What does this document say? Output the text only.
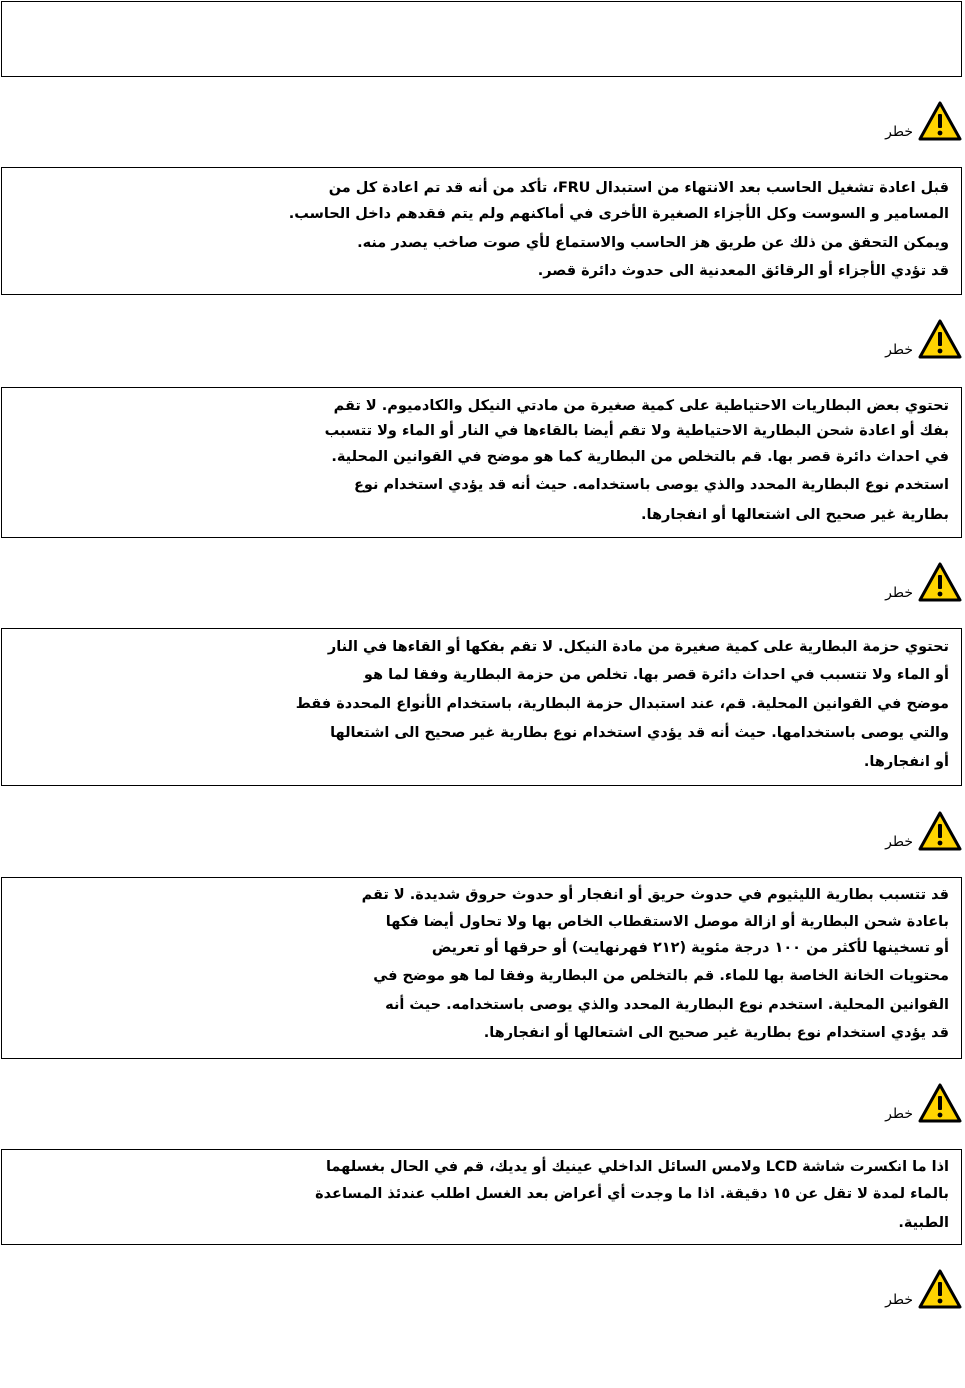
خطر
قبل اعادة تشغيل الحاسب بعد الانتهاء من استبدال FRU، تأكد من أنه قد تم اعادة كل من
المسامير و السوست وكل الأجزاء الصغيرة الأخرى في أماكنهم ولم يتم فقدهم داخل الحاسب.
ويمكن التحقق من ذلك عن طريق هز الحاسب والاستماع لأي صوت صاخب يصدر منه.
قد تؤدي الأجزاء أو الرقائق المعدنية الى حدوث دائرة قصر.
خطر
تحتوي بعض البطاريات الاحتياطية على كمية صغيرة من مادتي النيكل والكادميوم. لا تقم
بفك أو اعادة شحن البطارية الاحتياطية ولا تقم أيضا بالقاءها في النار أو الماء ولا تتسبب
في احداث دائرة قصر بها. قم بالتخلص من البطارية كما هو موضح في القوانين المحلية.
استخدم نوع البطارية المحدد والذي يوصى باستخدامه. حيث أنه قد يؤدي استخدام نوع
بطارية غير صحيح الى اشتعالها أو انفجارها.
خطر
تحتوي حزمة البطارية على كمية صغيرة من مادة النيكل. لا تقم بفكها أو القاءها في النار
أو الماء ولا تتسبب في احداث دائرة قصر بها. تخلص من حزمة البطارية وفقا لما هو
موضح في القوانين المحلية. قم، عند استبدال حزمة البطارية، باستخدام الأنواع المحددة فقط
والتي يوصى باستخدامها. حيث أنه قد يؤدي استخدام نوع بطارية غير صحيح الى اشتعالها
أو انفجارها.
خطر
قد تتسبب بطارية الليثيوم في حدوث حريق أو انفجار أو حدوث حروق شديدة. لا تقم
باعادة شحن البطارية أو ازالة موصل الاستقطاب الخاص بها ولا تحاول أيضا فكها
أو تسخينها لأكثر من ١٠٠ درجة مئوية (٢١٢ فهرنهايت) أو حرقها أو تعريض
محتويات الخانة الخاصة بها للماء. قم بالتخلص من البطارية وفقا لما هو موضح في
القوانين المحلية. استخدم نوع البطارية المحدد والذي يوصى باستخدامه. حيث أنه
قد يؤدي استخدام نوع بطارية غير صحيح الى اشتعالها أو انفجارها.
خطر
اذا ما انكسرت شاشة LCD ولامس السائل الداخلي عينيك أو يديك، قم في الحال بغسلهما
بالماء لمدة لا تقل عن ١٥ دقيقة. اذا ما وجدت أي أعراض بعد الغسل اطلب عندئذ المساعدة
الطبية.
خطر
